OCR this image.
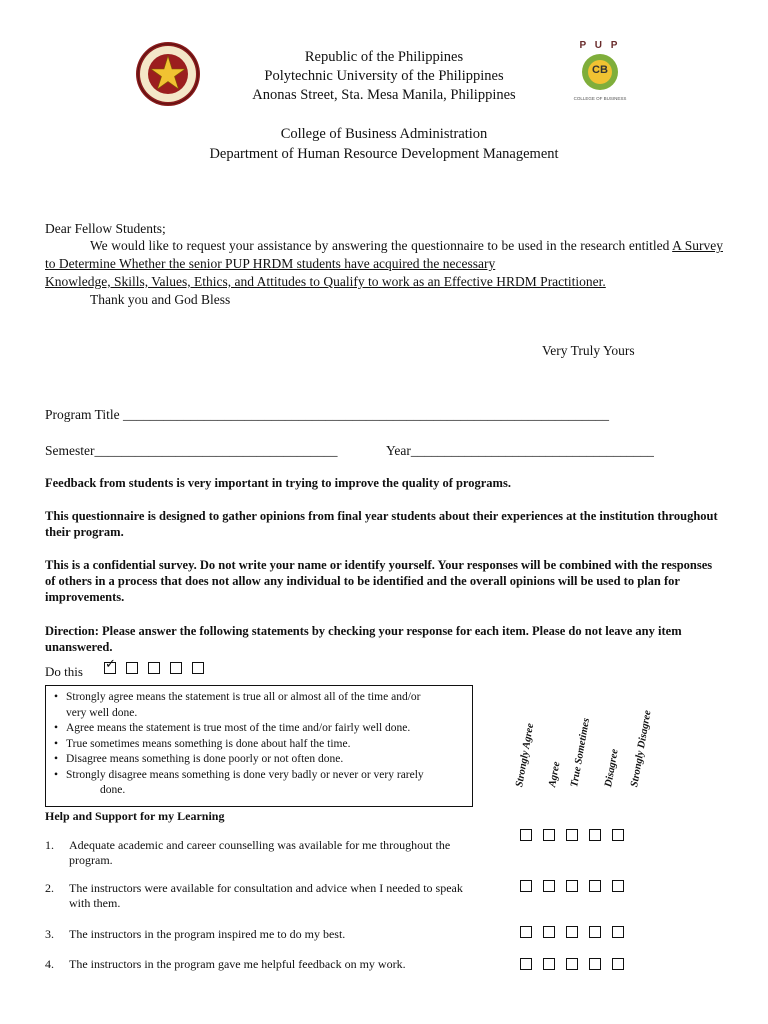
P U P
CB
COLLEGE OF BUSINESS
Republic of the Philippines
Polytechnic University of the Philippines
Anonas Street, Sta. Mesa Manila, Philippines
College of Business Administration
Department of Human Resource Development Management
Dear Fellow Students;
We would like to request your assistance by answering the questionnaire to be used in the research entitled A Survey to Determine Whether the senior PUP HRDM students have acquired the necessary
Knowledge, Skills, Values, Ethics, and Attitudes to Qualify to work as an Effective HRDM Practitioner.
Thank you and God Bless
Very Truly Yours
Program Title ________________________________________________________________________
Semester____________________________________	Year____________________________________
Feedback from students is very important in trying to improve the quality of programs.
This questionnaire is designed to gather opinions from final year students about their experiences at the institution throughout their program.
This is a confidential survey. Do not write your name or identify yourself. Your responses will be combined with the responses of others in a process that does not allow any individual to be identified and the overall opinions will be used to plan for improvements.
Direction: Please answer the following statements by checking your response for each item. Please do not leave any item unanswered.
Do this ✓
• Strongly agree means the statement is true all or almost all of the time and/or
very well done.
• Agree means the statement is true most of the time and/or fairly well done.
• True sometimes means something is done about half the time.
• Disagree means something is done poorly or not often done.
• Strongly disagree means something is done very badly or never or very rarely
done.
Strongly Agree Agree True Sometimes Disagree Strongly Disagree
Help and Support for my Learning
1. Adequate academic and career counselling was available for me throughout the
program.
2. The instructors were available for consultation and advice when I needed to speak
with them.
3. The instructors in the program inspired me to do my best.
4. The instructors in the program gave me helpful feedback on my work.
